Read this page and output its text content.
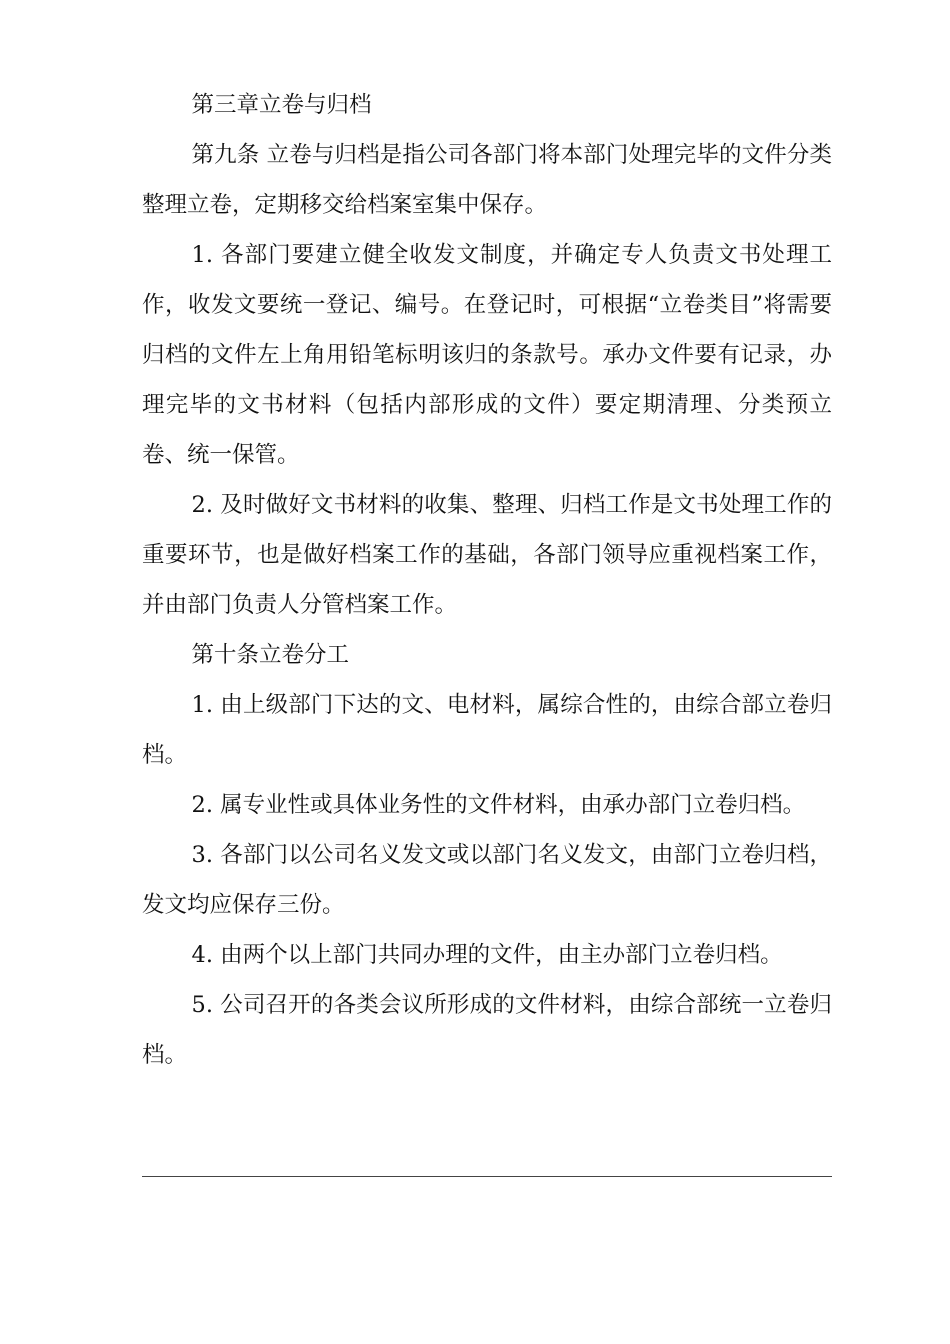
第三章立卷与归档

第九条 立卷与归档是指公司各部门将本部门处理完毕的文件分类整理立卷，定期移交给档案室集中保存。

1. 各部门要建立健全收发文制度，并确定专人负责文书处理工作，收发文要统一登记、编号。在登记时，可根据“立卷类目”将需要归档的文件左上角用铅笔标明该归的条款号。承办文件要有记录，办理完毕的文书材料（包括内部形成的文件）要定期清理、分类预立卷、统一保管。

2. 及时做好文书材料的收集、整理、归档工作是文书处理工作的重要环节，也是做好档案工作的基础，各部门领导应重视档案工作，并由部门负责人分管档案工作。

第十条立卷分工

1. 由上级部门下达的文、电材料，属综合性的，由综合部立卷归档。

2. 属专业性或具体业务性的文件材料，由承办部门立卷归档。

3. 各部门以公司名义发文或以部门名义发文，由部门立卷归档，发文均应保存三份。

4. 由两个以上部门共同办理的文件，由主办部门立卷归档。

5. 公司召开的各类会议所形成的文件材料，由综合部统一立卷归档。
